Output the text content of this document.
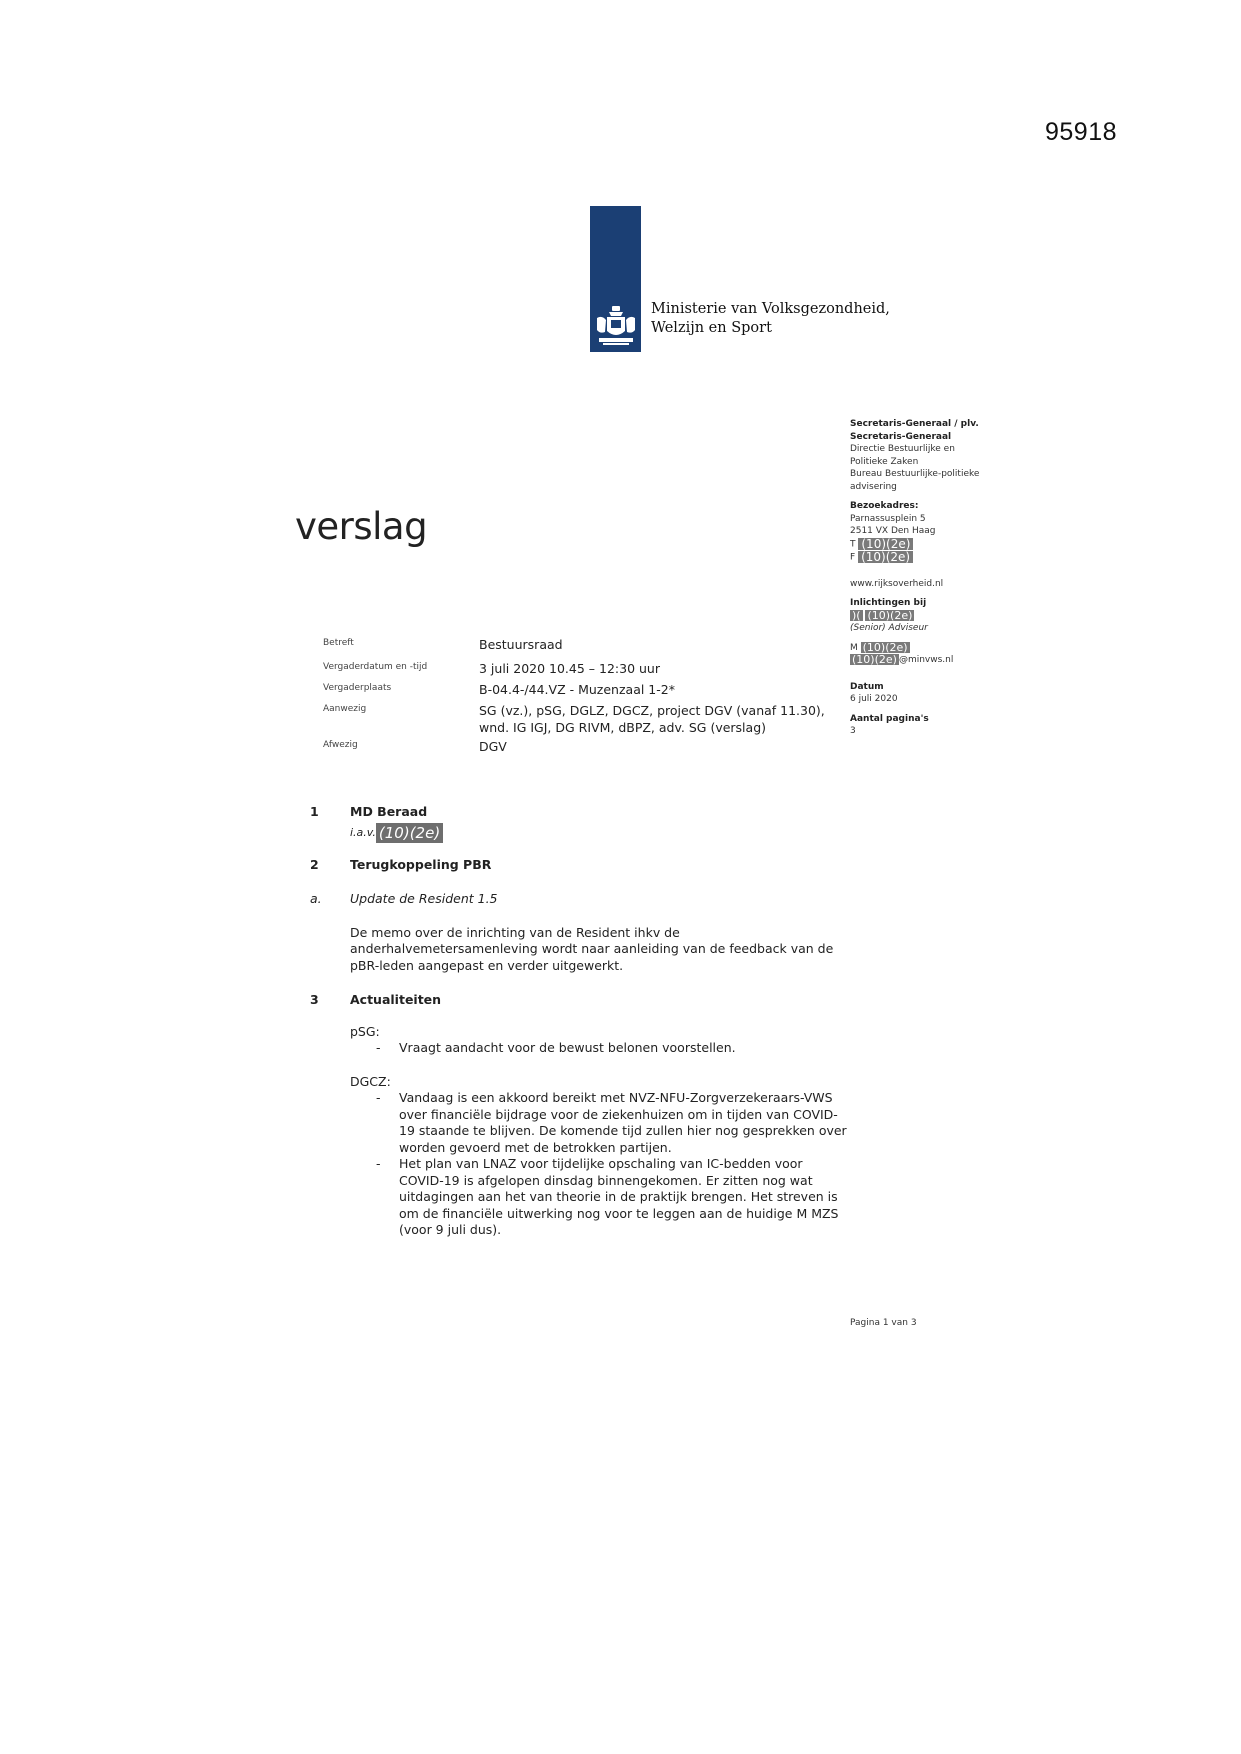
95918
Ministerie van Volksgezondheid,
Welzijn en Sport
verslag
Secretaris-Generaal / plv.
Secretaris-Generaal
Directie Bestuurlijke en
Politieke Zaken
Bureau Bestuurlijke-politieke
advisering
Bezoekadres:
Parnassusplein 5
2511 VX Den Haag
T (10)(2e)
F (10)(2e)
www.rijksoverheid.nl
Inlichtingen bij
)( (10)(2e)
(Senior) Adviseur
M (10)(2e)
(10)(2e) @minvws.nl
Datum
6 juli 2020
Aantal pagina's
3
Betreft	Bestuursraad
Vergaderdatum en -tijd	3 juli 2020 10.45 – 12:30 uur
Vergaderplaats	B-04.4-/44.VZ - Muzenzaal 1-2*
Aanwezig	SG (vz.), pSG, DGLZ, DGCZ, project DGV (vanaf 11.30), wnd. IG IGJ, DG RIVM, dBPZ, adv. SG (verslag)
Afwezig	DGV
1	MD Beraad
i.a.v. (10)(2e)
2	Terugkoppeling PBR
a.	Update de Resident 1.5
De memo over de inrichting van de Resident ihkv de anderhalvemetersamenleving wordt naar aanleiding van de feedback van de pBR-leden aangepast en verder uitgewerkt.
3	Actualiteiten
pSG:
-	Vraagt aandacht voor de bewust belonen voorstellen.
DGCZ:
-	Vandaag is een akkoord bereikt met NVZ-NFU-Zorgverzekeraars-VWS over financiële bijdrage voor de ziekenhuizen om in tijden van COVID-19 staande te blijven. De komende tijd zullen hier nog gesprekken over worden gevoerd met de betrokken partijen.
-	Het plan van LNAZ voor tijdelijke opschaling van IC-bedden voor COVID-19 is afgelopen dinsdag binnengekomen. Er zitten nog wat uitdagingen aan het van theorie in de praktijk brengen. Het streven is om de financiële uitwerking nog voor te leggen aan de huidige M MZS (voor 9 juli dus).
Pagina 1 van 3
